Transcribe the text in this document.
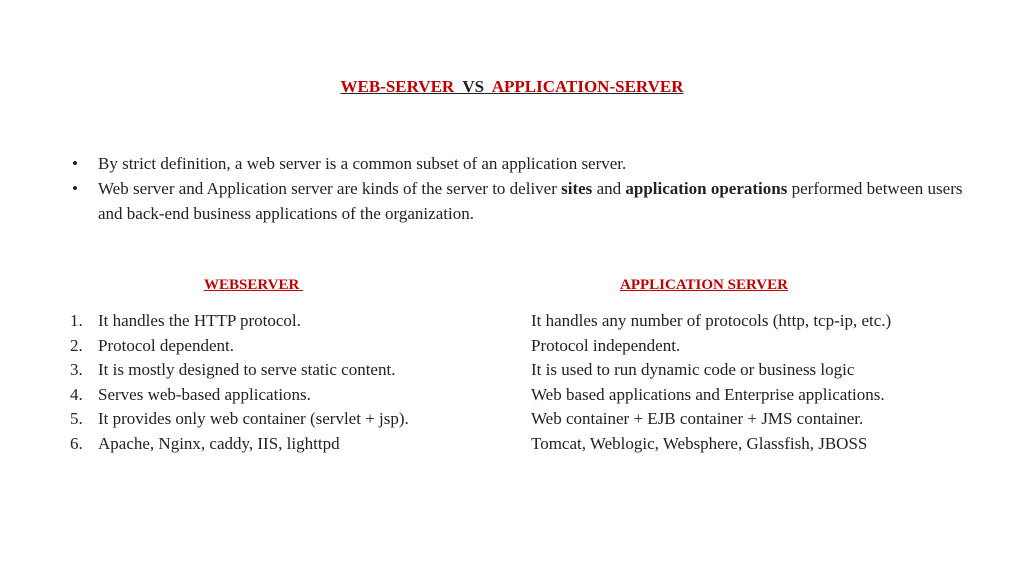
WEB-SERVER  VS  APPLICATION-SERVER
• By strict definition, a web server is a common subset of an application server.
• Web server and Application server are kinds of the server to deliver sites and application operations performed between users and back-end business applications of the organization.
WEBSERVER	APPLICATION SERVER
1. It handles the HTTP protocol.
2. Protocol dependent.
3. It is mostly designed to serve static content.
4. Serves web-based applications.
5. It provides only web container (servlet + jsp).
6. Apache, Nginx, caddy, IIS, lighttpd
It handles any number of protocols (http, tcp-ip, etc.)
Protocol independent.
It is used to run dynamic code or business logic
Web based applications and Enterprise applications.
Web container + EJB container + JMS container.
Tomcat, Weblogic, Websphere, Glassfish, JBOSS
